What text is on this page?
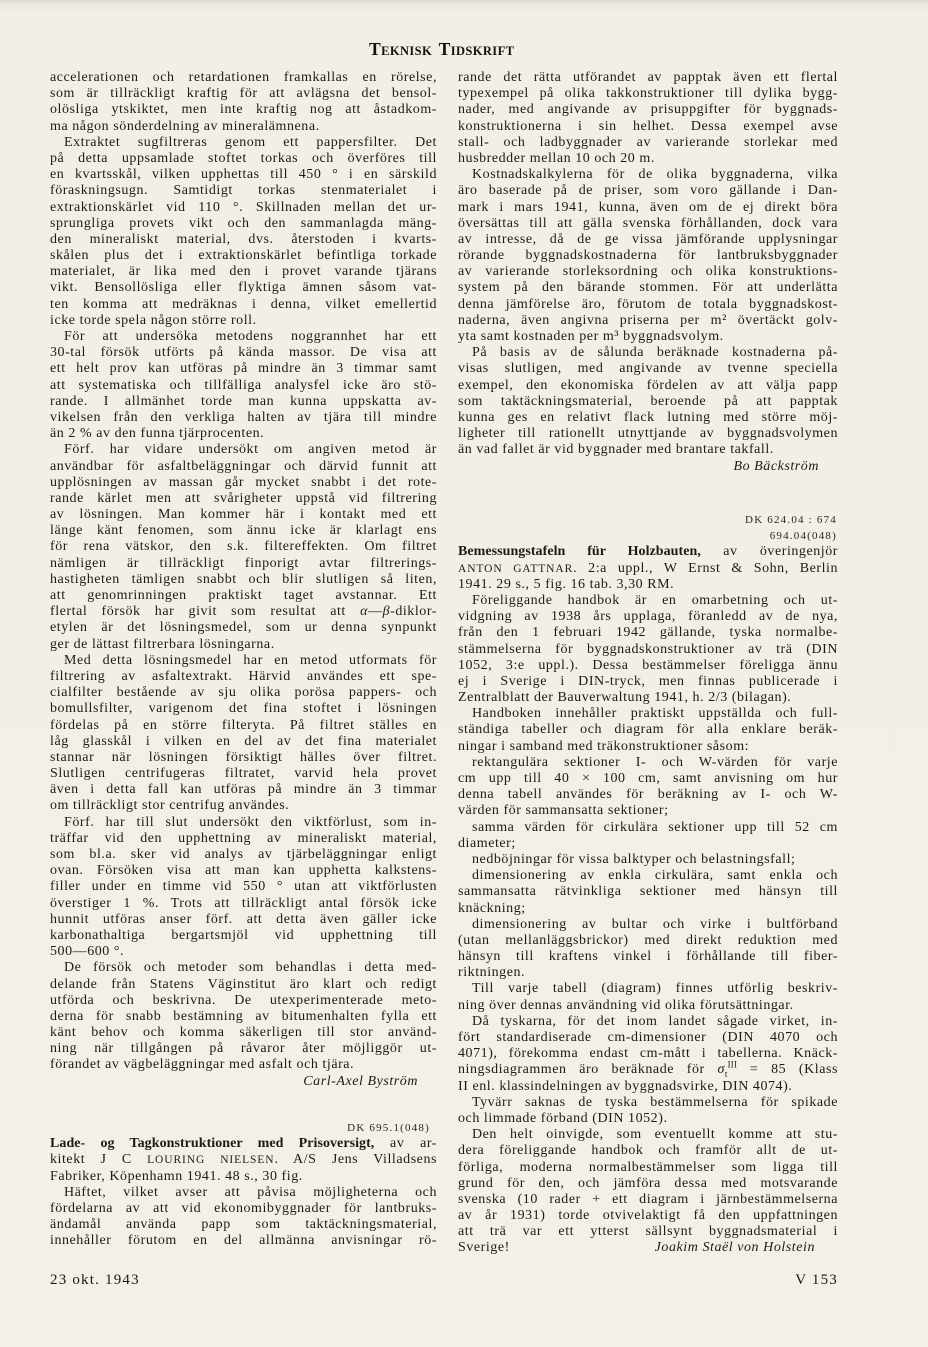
TEKNISK TIDSKRIFT
accelerationen och retardationen framkallas en rörelse,
som är tillräckligt kraftig för att avlägsna det bensol-
olösliga ytskiktet, men inte kraftig nog att åstadkom-
ma någon sönderdelning av mineralämnena.
Extraktet sugfiltreras genom ett pappersfilter. Det
på detta uppsamlade stoftet torkas och överföres till
en kvartsskål, vilken upphettas till 450 ° i en särskild
föraskningsugn. Samtidigt torkas stenmaterialet i
extraktionskärlet vid 110 °. Skillnaden mellan det ur-
sprungliga provets vikt och den sammanlagda mäng-
den mineraliskt material, dvs. återstoden i kvarts-
skålen plus det i extraktionskärlet befintliga torkade
materialet, är lika med den i provet varande tjärans
vikt. Bensollösliga eller flyktiga ämnen såsom vat-
ten komma att medräknas i denna, vilket emellertid
icke torde spela någon större roll.
För att undersöka metodens noggrannhet har ett
30-tal försök utförts på kända massor. De visa att
ett helt prov kan utföras på mindre än 3 timmar samt
att systematiska och tillfälliga analysfel icke äro stö-
rande. I allmänhet torde man kunna uppskatta av-
vikelsen från den verkliga halten av tjära till mindre
än 2 % av den funna tjärprocenten.
Förf. har vidare undersökt om angiven metod är
användbar för asfaltbeläggningar och därvid funnit att
upplösningen av massan går mycket snabbt i det rote-
rande kärlet men att svårigheter uppstå vid filtrering
av lösningen. Man kommer här i kontakt med ett
länge känt fenomen, som ännu icke är klarlagt ens
för rena vätskor, den s.k. filtereffekten. Om filtret
nämligen är tillräckligt finporigt avtar filtrerings-
hastigheten tämligen snabbt och blir slutligen så liten,
att genomrinningen praktiskt taget avstannar. Ett
flertal försök har givit som resultat att α—β-diklor-
etylen är det lösningsmedel, som ur denna synpunkt
ger de lättast filtrerbara lösningarna.
Med detta lösningsmedel har en metod utformats för
filtrering av asfaltextrakt. Härvid användes ett spe-
cialfilter bestående av sju olika porösa pappers- och
bomullsfilter, varigenom det fina stoftet i lösningen
fördelas på en större filteryta. På filtret ställes en
låg glasskål i vilken en del av det fina materialet
stannar när lösningen försiktigt hälles över filtret.
Slutligen centrifugeras filtratet, varvid hela provet
även i detta fall kan utföras på mindre än 3 timmar
om tillräckligt stor centrifug användes.
Förf. har till slut undersökt den viktförlust, som in-
träffar vid den upphettning av mineraliskt material,
som bl.a. sker vid analys av tjärbeläggningar enligt
ovan. Försöken visa att man kan upphetta kalkstens-
filler under en timme vid 550 ° utan att viktförlusten
överstiger 1 %. Trots att tillräckligt antal försök icke
hunnit utföras anser förf. att detta även gäller icke
karbonathaltiga bergartsmjöl vid upphettning till
500—600 °.
De försök och metoder som behandlas i detta med-
delande från Statens Väginstitut äro klart och redigt
utförda och beskrivna. De utexperimenterade meto-
derna för snabb bestämning av bitumenhalten fylla ett
känt behov och komma säkerligen till stor använd-
ning när tillgången på råvaror åter möjliggör ut-
förandet av vägbeläggningar med asfalt och tjära.
Carl-Axel Byström
DK 695.1(048)
Lade- og Tagkonstruktioner med Prisoversigt, av ar-
kitekt J C LOURING NIELSEN. A/S Jens Villadsens
Fabriker, Köpenhamn 1941. 48 s., 30 fig.
Häftet, vilket avser att påvisa möjligheterna och
fördelarna av att vid ekonomibyggnader för lantbruks-
ändamål använda papp som taktäckningsmaterial,
innehåller förutom en del allmänna anvisningar rö-
rande det rätta utförandet av papptak även ett flertal
typexempel på olika takkonstruktioner till dylika bygg-
nader, med angivande av prisuppgifter för byggnads-
konstruktionerna i sin helhet. Dessa exempel avse
stall- och ladbyggnader av varierande storlekar med
husbredder mellan 10 och 20 m.
Kostnadskalkylerna för de olika byggnaderna, vilka
äro baserade på de priser, som voro gällande i Dan-
mark i mars 1941, kunna, även om de ej direkt böra
översättas till att gälla svenska förhållanden, dock vara
av intresse, då de ge vissa jämförande upplysningar
rörande byggnadskostnaderna för lantbruksbyggnader
av varierande storleksordning och olika konstruktions-
system på den bärande stommen. För att underlätta
denna jämförelse äro, förutom de totala byggnadskost-
naderna, även angivna priserna per m² övertäckt golv-
yta samt kostnaden per m³ byggnadsvolym.
På basis av de sålunda beräknade kostnaderna på-
visas slutligen, med angivande av tvenne speciella
exempel, den ekonomiska fördelen av att välja papp
som taktäckningsmaterial, beroende på att papptak
kunna ges en relativt flack lutning med större möj-
ligheter till rationellt utnyttjande av byggnadsvolymen
än vad fallet är vid byggnader med brantare takfall.
Bo Bäckström
DK 624.04 : 674
694.04(048)
Bemessungstafeln für Holzbauten, av överingenjör
ANTON GATTNAR. 2:a uppl., W Ernst & Sohn, Berlin
1941. 29 s., 5 fig. 16 tab. 3,30 RM.
Föreliggande handbok är en omarbetning och ut-
vidgning av 1938 års upplaga, föranledd av de nya,
från den 1 februari 1942 gällande, tyska normalbe-
stämmelserna för byggnadskonstruktioner av trä (DIN
1052, 3:e uppl.). Dessa bestämmelser föreligga ännu
ej i Sverige i DIN-tryck, men finnas publicerade i
Zentralblatt der Bauverwaltung 1941, h. 2/3 (bilagan).
Handboken innehåller praktiskt uppställda och full-
ständiga tabeller och diagram för alla enklare beräk-
ningar i samband med träkonstruktioner såsom:
rektangulära sektioner I- och W-värden för varje
cm upp till 40 × 100 cm, samt anvisning om hur
denna tabell användes för beräkning av I- och W-
värden för sammansatta sektioner;
samma värden för cirkulära sektioner upp till 52 cm
diameter;
nedböjningar för vissa balktyper och belastningsfall;
dimensionering av enkla cirkulära, samt enkla och
sammansatta rätvinkliga sektioner med hänsyn till
knäckning;
dimensionering av bultar och virke i bultförband
(utan mellanläggsbrickor) med direkt reduktion med
hänsyn till kraftens vinkel i förhållande till fiber-
riktningen.
Till varje tabell (diagram) finnes utförlig beskriv-
ning över dennas användning vid olika förutsättningar.
Då tyskarna, för det inom landet sågade virket, in-
fört standardiserade cm-dimensioner (DIN 4070 och
4071), förekomma endast cm-mått i tabellerna. Knäck-
ningsdiagrammen äro beräknade för $\sigma_t^{III} = 85$ (Klass
II enl. klassindelningen av byggnadsvirke, DIN 4074).
Tyvärr saknas de tyska bestämmelserna för spikade
och limmade förband (DIN 1052).
Den helt oinvigde, som eventuellt komme att stu-
dera föreliggande handbok och framför allt de ut-
förliga, moderna normalbestämmelser som ligga till
grund för den, och jämföra dessa med motsvarande
svenska (10 rader + ett diagram i järnbestämmelserna
av år 1931) torde otvivelaktigt få den uppfattningen
att trä var ett ytterst sällsynt byggnadsmaterial i
Sverige!	Joakim Staël von Holstein
23 okt. 1943	V 153
